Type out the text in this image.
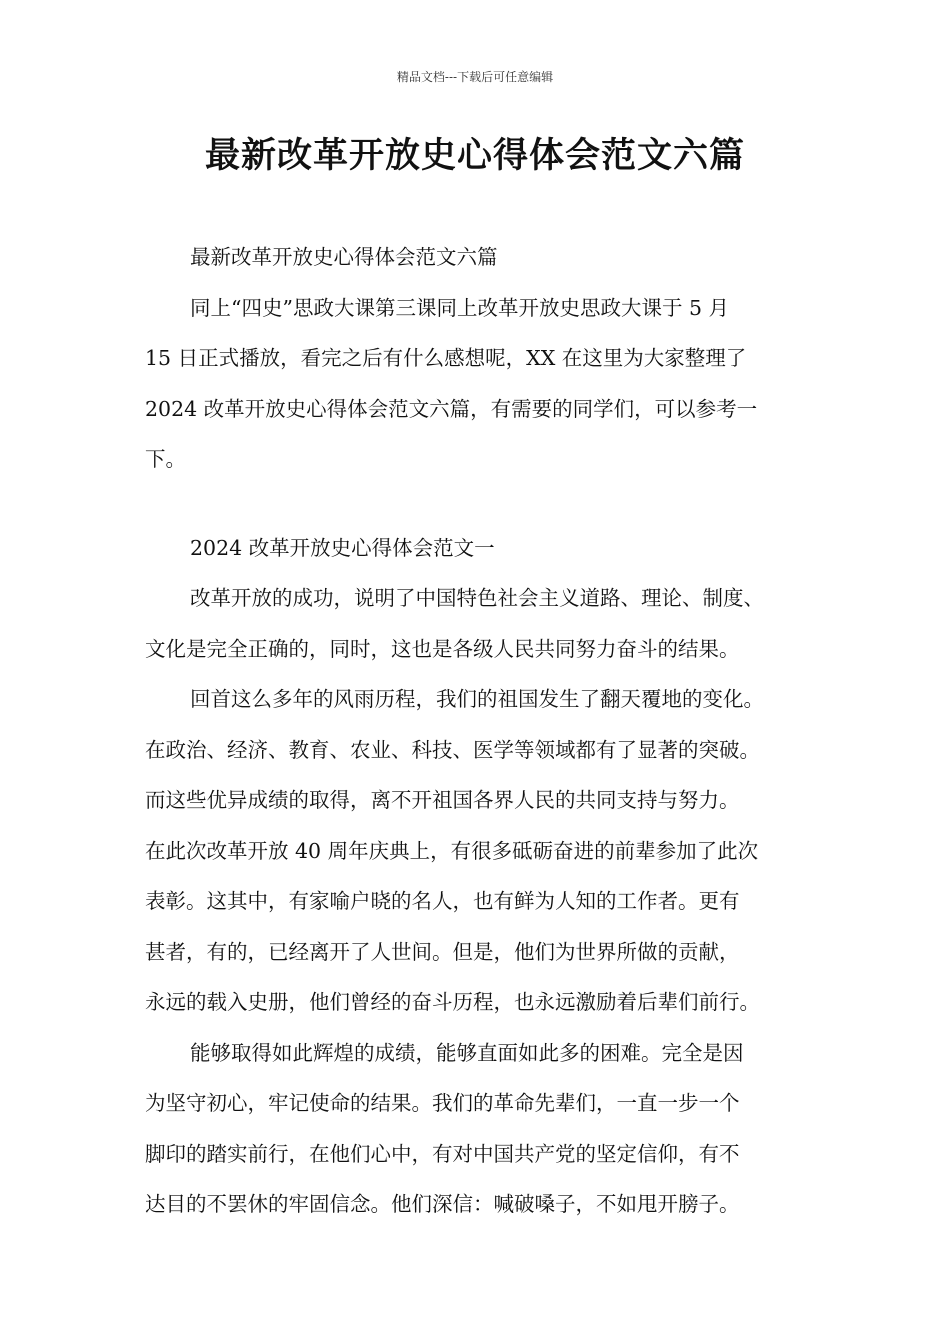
精品文档---下载后可任意编辑
最新改革开放史心得体会范文六篇
最新改革开放史心得体会范文六篇
同上“四史”思政大课第三课同上改革开放史思政大课于 5 月
15 日正式播放，看完之后有什么感想呢，XX 在这里为大家整理了
2024 改革开放史心得体会范文六篇，有需要的同学们，可以参考一
下。
2024 改革开放史心得体会范文一
改革开放的成功，说明了中国特色社会主义道路、理论、制度、
文化是完全正确的，同时，这也是各级人民共同努力奋斗的结果。
回首这么多年的风雨历程，我们的祖国发生了翻天覆地的变化。
在政治、经济、教育、农业、科技、医学等领域都有了显著的突破。
而这些优异成绩的取得，离不开祖国各界人民的共同支持与努力。
在此次改革开放 40 周年庆典上，有很多砥砺奋进的前辈参加了此次
表彰。这其中，有家喻户晓的名人，也有鲜为人知的工作者。更有
甚者，有的，已经离开了人世间。但是，他们为世界所做的贡献，
永远的载入史册，他们曾经的奋斗历程，也永远激励着后辈们前行。
能够取得如此辉煌的成绩，能够直面如此多的困难。完全是因
为坚守初心，牢记使命的结果。我们的革命先辈们，一直一步一个
脚印的踏实前行，在他们心中，有对中国共产党的坚定信仰，有不
达目的不罢休的牢固信念。他们深信：喊破嗓子，不如甩开膀子。
